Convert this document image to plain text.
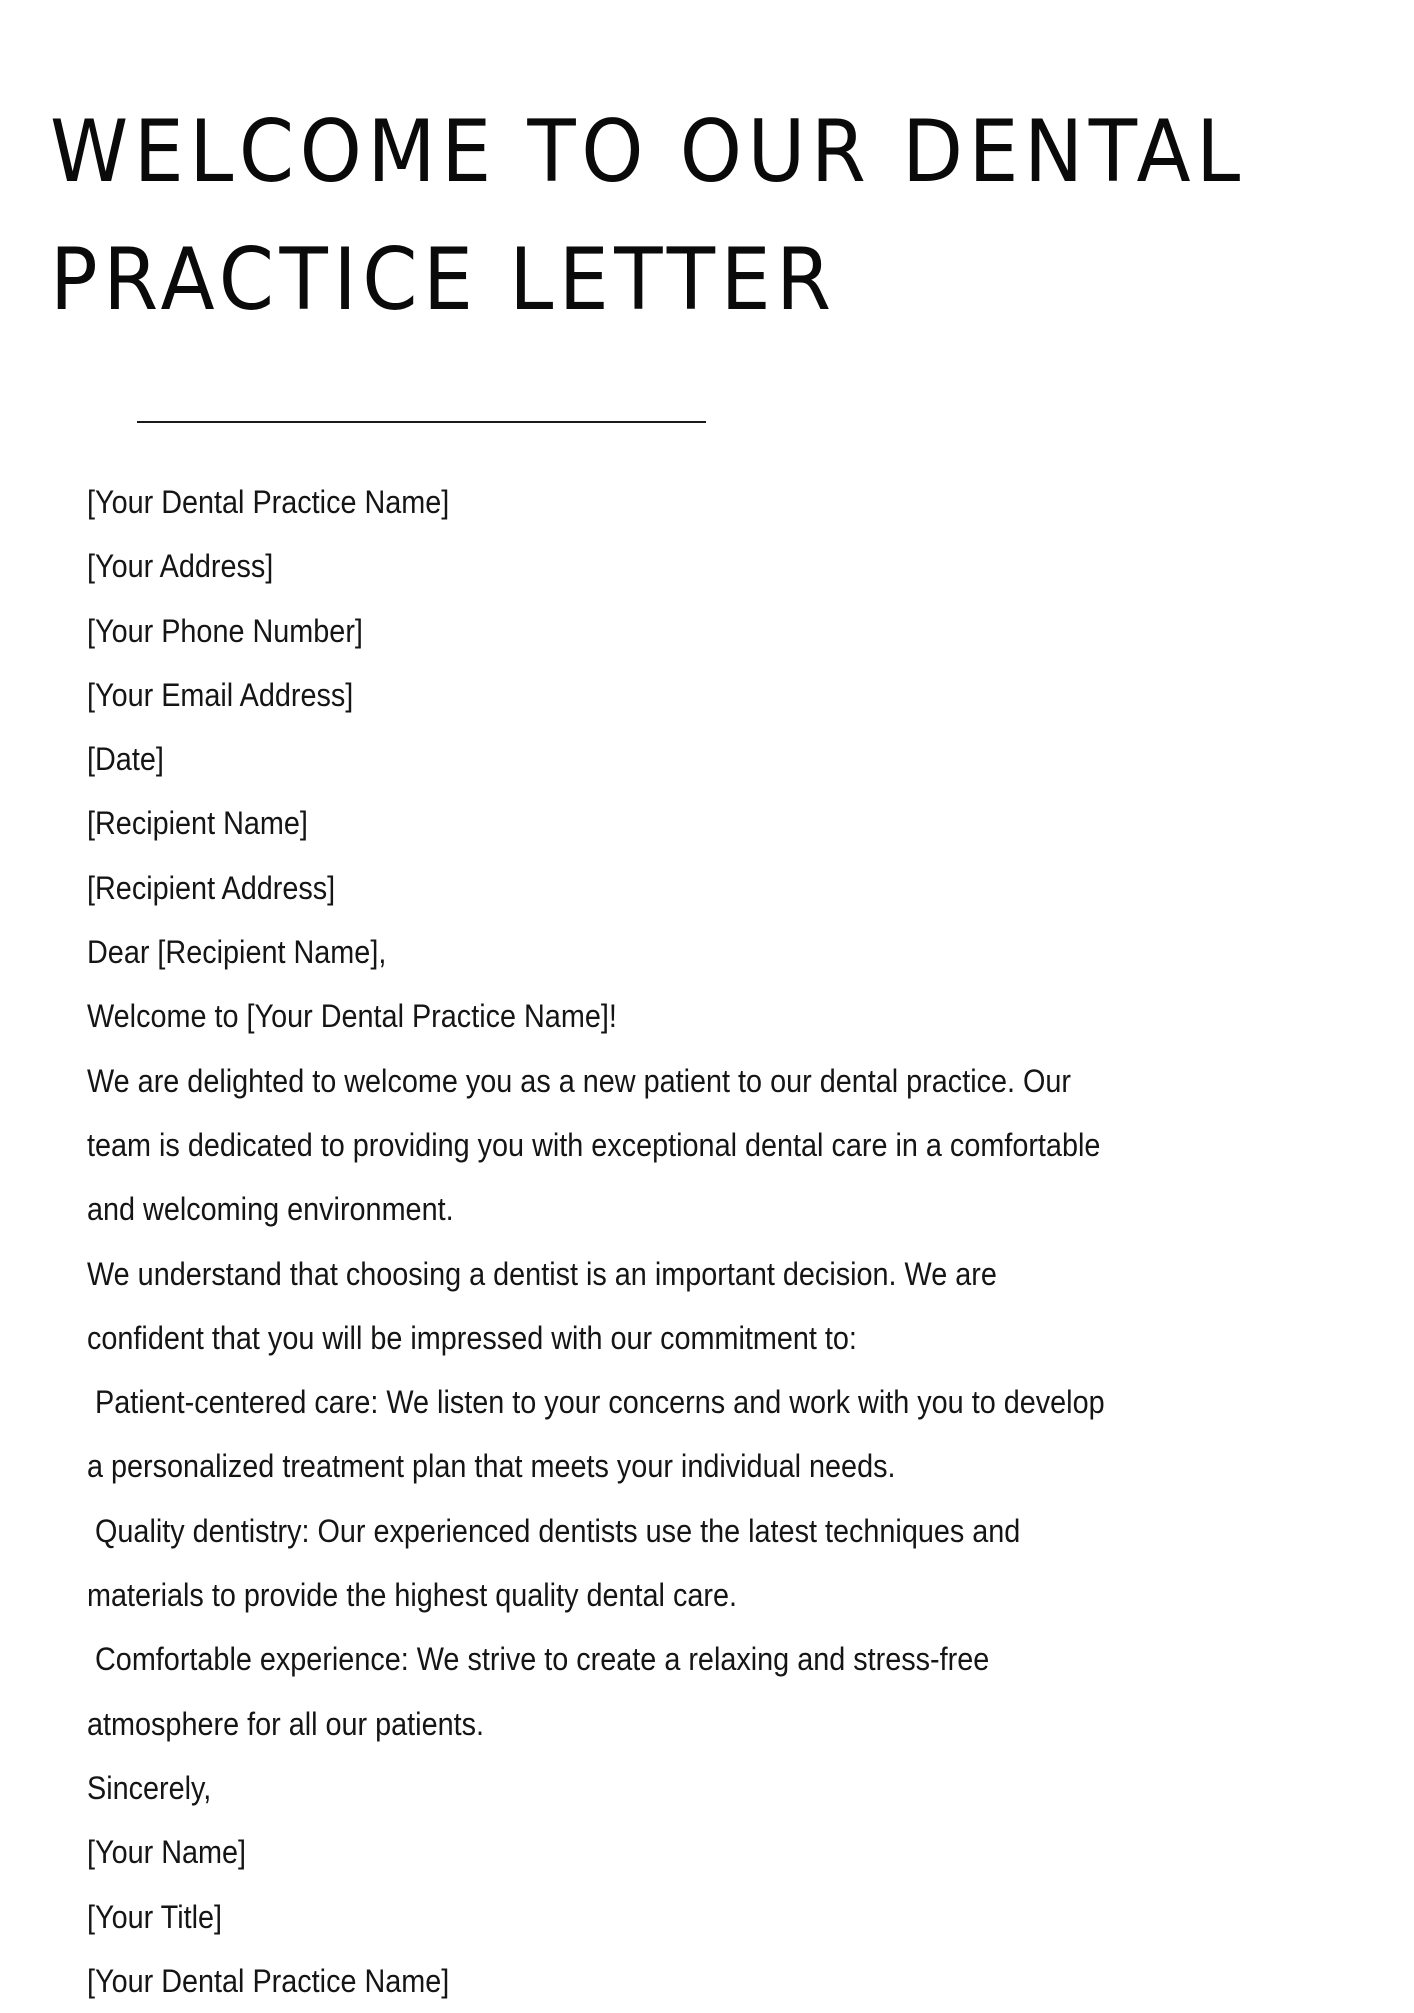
WELCOME TO OUR DENTAL
PRACTICE LETTER
[Your Dental Practice Name]
[Your Address]
[Your Phone Number]
[Your Email Address]
[Date]
[Recipient Name]
[Recipient Address]
Dear [Recipient Name],
Welcome to [Your Dental Practice Name]!
We are delighted to welcome you as a new patient to our dental practice. Our
team is dedicated to providing you with exceptional dental care in a comfortable
and welcoming environment.
We understand that choosing a dentist is an important decision. We are
confident that you will be impressed with our commitment to:
Patient-centered care: We listen to your concerns and work with you to develop
a personalized treatment plan that meets your individual needs.
Quality dentistry: Our experienced dentists use the latest techniques and
materials to provide the highest quality dental care.
Comfortable experience: We strive to create a relaxing and stress-free
atmosphere for all our patients.
Sincerely,
[Your Name]
[Your Title]
[Your Dental Practice Name]
